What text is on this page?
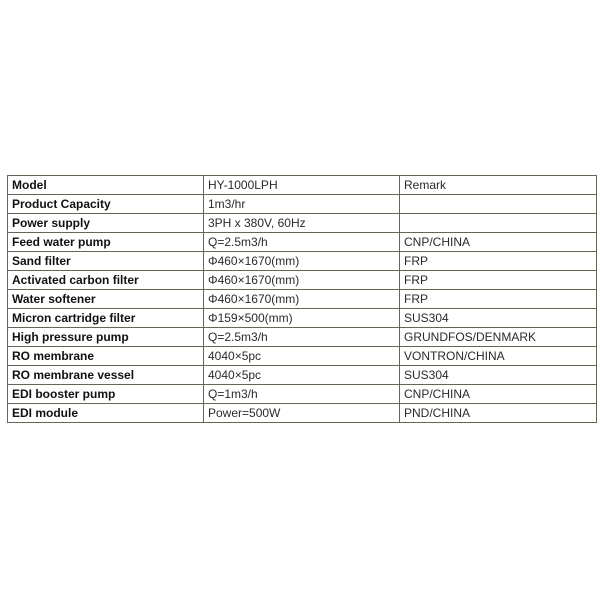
Model	HY-1000LPH	Remark
Product Capacity	1m3/hr	
Power supply	3PH x 380V, 60Hz	
Feed water pump	Q=2.5m3/h	CNP/CHINA
Sand filter	Φ460×1670(mm)	FRP
Activated carbon filter	Φ460×1670(mm)	FRP
Water softener	Φ460×1670(mm)	FRP
Micron cartridge filter	Φ159×500(mm)	SUS304
High pressure pump	Q=2.5m3/h	GRUNDFOS/DENMARK
RO membrane	4040×5pc	VONTRON/CHINA
RO membrane vessel	4040×5pc	SUS304
EDI booster pump	Q=1m3/h	CNP/CHINA
EDI module	Power=500W	PND/CHINA
